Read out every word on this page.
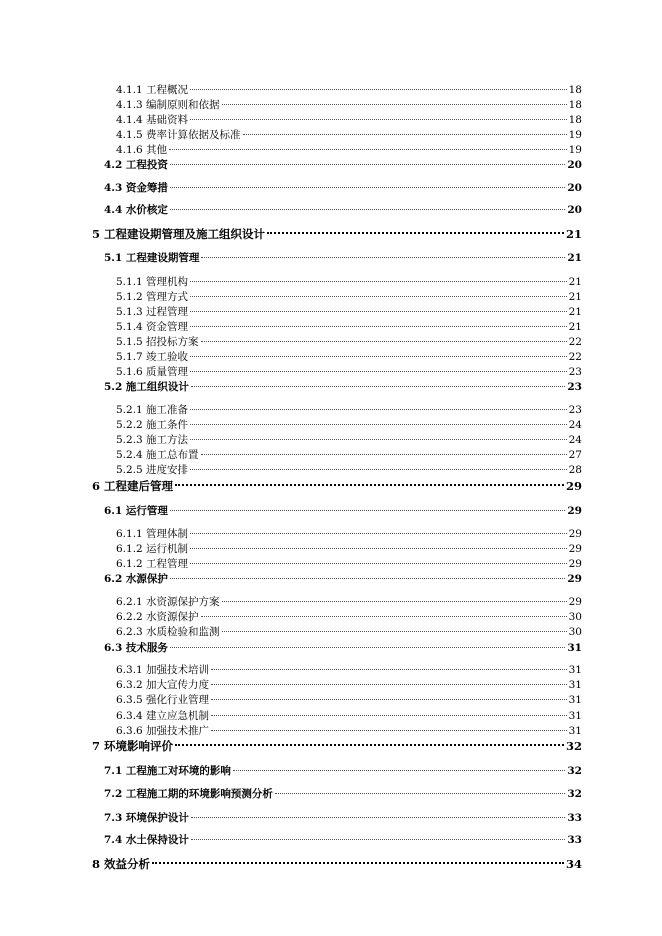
4.1.1 工程概况	18
4.1.3 编制原则和依据	18
4.1.4 基础资料	18
4.1.5 费率计算依据及标准	19
4.1.6 其他	19
4.2 工程投资	20
4.3 资金筹措	20
4.4 水价核定	20
5 工程建设期管理及施工组织设计	21
5.1 工程建设期管理	21
5.1.1 管理机构	21
5.1.2 管理方式	21
5.1.3 过程管理	21
5.1.4 资金管理	21
5.1.5 招投标方案	22
5.1.7 竣工验收	22
5.1.6 质量管理	23
5.2 施工组织设计	23
5.2.1 施工准备	23
5.2.2 施工条件	24
5.2.3 施工方法	24
5.2.4 施工总布置	27
5.2.5 进度安排	28
6 工程建后管理	29
6.1 运行管理	29
6.1.1 管理体制	29
6.1.2 运行机制	29
6.1.2 工程管理	29
6.2 水源保护	29
6.2.1 水资源保护方案	29
6.2.2 水资源保护	30
6.2.3 水质检验和监测	30
6.3 技术服务	31
6.3.1 加强技术培训	31
6.3.2 加大宣传力度	31
6.3.5 强化行业管理	31
6.3.4 建立应急机制	31
6.3.6 加强技术推广	31
7 环境影响评价	32
7.1 工程施工对环境的影响	32
7.2 工程施工期的环境影响预测分析	32
7.3 环境保护设计	33
7.4 水土保持设计	33
8 效益分析	34
